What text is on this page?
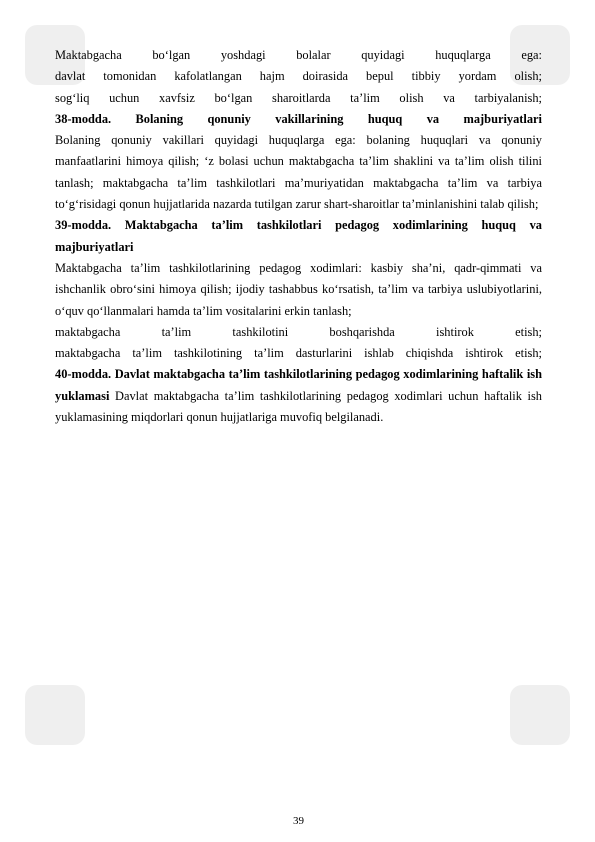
Maktabgacha bo‘lgan yoshdagi bolalar quyidagi huquqlarga ega:
davlat tomonidan kafolatlangan hajm doirasida bepul tibbiy yordam olish;
sog‘liq uchun xavfsiz bo‘lgan sharoitlarda ta’lim olish va tarbiyalanish;
38-modda. Bolaning qonuniy vakillarining huquq va majburiyatlari
Bolaning qonuniy vakillari quyidagi huquqlarga ega: bolaning huquqlari va qonuniy manfaatlarini himoya qilish; ‘z bolasi uchun maktabgacha ta’lim shaklini va ta’lim olish tilini tanlash; maktabgacha ta’lim tashkilotlari ma’muriyatidan maktabgacha ta’lim va tarbiya to‘g‘risidagi qonun hujjatlarida nazarda tutilgan zarur shart-sharoitlar ta’minlanishini talab qilish;
39-modda. Maktabgacha ta’lim tashkilotlari pedagog xodimlarining huquq va majburiyatlari
Maktabgacha ta’lim tashkilotlarining pedagog xodimlari: kasbiy sha’ni, qadr-qimmati va ishchanlik obro‘sini himoya qilish; ijodiy tashabbus ko‘rsatish, ta’lim va tarbiya uslubiyotlarini, o‘quv qo‘llanmalari hamda ta’lim vositalarini erkin tanlash;
maktabgacha ta’lim tashkilotini boshqarishda ishtirok etish;
maktabgacha ta’lim tashkilotining ta’lim dasturlarini ishlab chiqishda ishtirok etish;
40-modda. Davlat maktabgacha ta’lim tashkilotlarining pedagog xodimlarining haftalik ish yuklamasi Davlat maktabgacha ta’lim tashkilotlarining pedagog xodimlari uchun haftalik ish yuklamasining miqdorlari qonun hujjatlariga muvofiq belgilanadi.
39
